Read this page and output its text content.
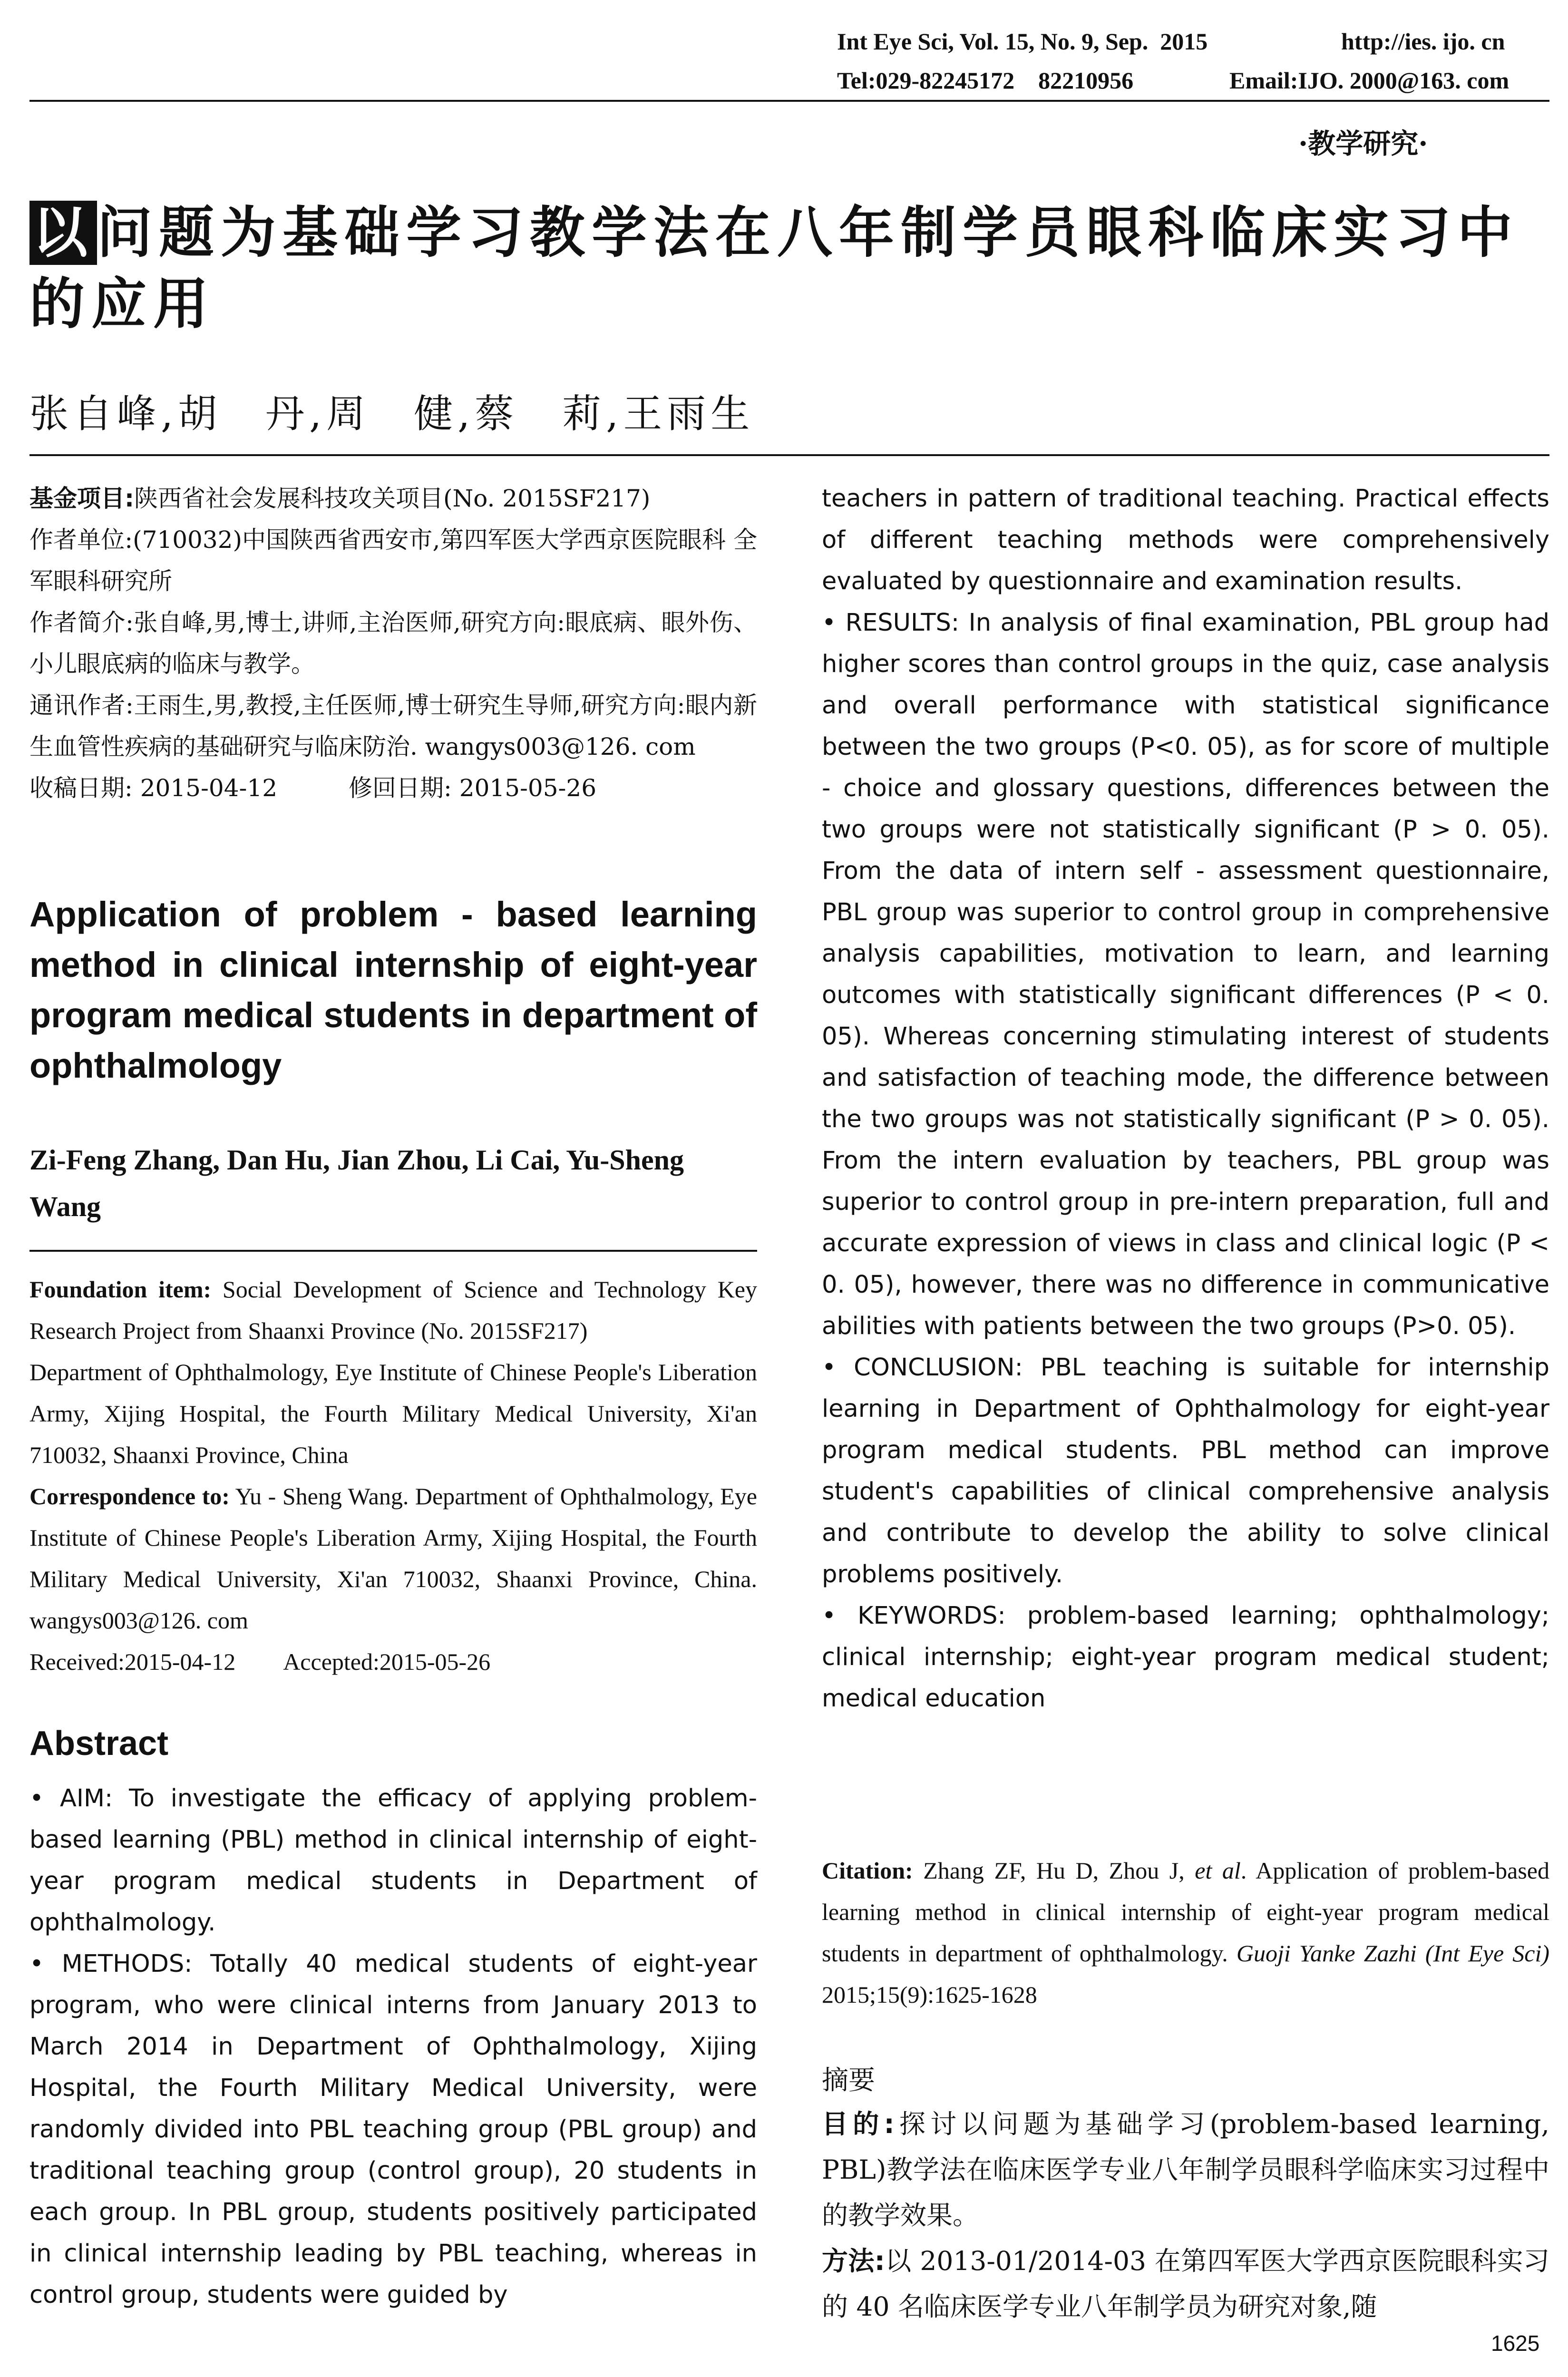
Int Eye Sci, Vol. 15, No. 9, Sep.  2015	http://ies. ijo. cn
Tel:029-82245172    82210956	Email:IJO. 2000@163. com
·教学研究·
以问题为基础学习教学法在八年制学员眼科临床实习中的应用
张自峰,胡　丹,周　健,蔡　莉,王雨生

基金项目:陕西省社会发展科技攻关项目(No. 2015SF217)

作者单位:(710032)中国陕西省西安市,第四军医大学西京医院眼科 全军眼科研究所

作者简介:张自峰,男,博士,讲师,主治医师,研究方向:眼底病、眼外伤、小儿眼底病的临床与教学。

通讯作者:王雨生,男,教授,主任医师,博士研究生导师,研究方向:眼内新生血管性疾病的基础研究与临床防治. wangys003@126. com

收稿日期: 2015-04-12　　　修回日期: 2015-05-26

Application of problem - based learning method in clinical internship of eight-year program medical students in department of ophthalmology
Zi-Feng Zhang, Dan Hu, Jian Zhou, Li Cai, Yu-Sheng Wang

Foundation item: Social Development of Science and Technology Key Research Project from Shaanxi Province (No. 2015SF217)

Department of Ophthalmology, Eye Institute of Chinese People's Liberation Army, Xijing Hospital, the Fourth Military Medical University, Xi'an 710032, Shaanxi Province, China

Correspondence to: Yu - Sheng Wang. Department of Ophthalmology, Eye Institute of Chinese People's Liberation Army, Xijing Hospital, the Fourth Military Medical University, Xi'an 710032, Shaanxi Province, China. wangys003@126. com

Received:2015-04-12　　Accepted:2015-05-26

Abstract

• AIM: To investigate the efficacy of applying problem-based learning (PBL) method in clinical internship of eight-year program medical students in Department of ophthalmology.

• METHODS: Totally 40 medical students of eight-year program, who were clinical interns from January 2013 to March 2014 in Department of Ophthalmology, Xijing Hospital, the Fourth Military Medical University, were randomly divided into PBL teaching group (PBL group) and traditional teaching group (control group), 20 students in each group. In PBL group, students positively participated in clinical internship leading by PBL teaching, whereas in control group, students were guided by

teachers in pattern of traditional teaching. Practical effects of different teaching methods were comprehensively evaluated by questionnaire and examination results.

• RESULTS: In analysis of final examination, PBL group had higher scores than control groups in the quiz, case analysis and overall performance with statistical significance between the two groups (P<0. 05), as for score of multiple - choice and glossary questions, differences between the two groups were not statistically significant (P > 0. 05). From the data of intern self - assessment questionnaire, PBL group was superior to control group in comprehensive analysis capabilities, motivation to learn, and learning outcomes with statistically significant differences (P < 0. 05). Whereas concerning stimulating interest of students and satisfaction of teaching mode, the difference between the two groups was not statistically significant (P > 0. 05). From the intern evaluation by teachers, PBL group was superior to control group in pre-intern preparation, full and accurate expression of views in class and clinical logic (P < 0. 05), however, there was no difference in communicative abilities with patients between the two groups (P>0. 05).

• CONCLUSION: PBL teaching is suitable for internship learning in Department of Ophthalmology for eight-year program medical students. PBL method can improve student's capabilities of clinical comprehensive analysis and contribute to develop the ability to solve clinical problems positively.

• KEYWORDS: problem-based learning; ophthalmology; clinical internship; eight-year program medical student; medical education

Citation: Zhang ZF, Hu D, Zhou J, et al. Application of problem-based learning method in clinical internship of eight-year program medical students in department of ophthalmology. Guoji Yanke Zazhi (Int Eye Sci) 2015;15(9):1625-1628

摘要

目的:探讨以问题为基础学习(problem-based learning, PBL)教学法在临床医学专业八年制学员眼科学临床实习过程中的教学效果。

方法:以 2013-01/2014-03 在第四军医大学西京医院眼科实习的 40 名临床医学专业八年制学员为研究对象,随

1625
